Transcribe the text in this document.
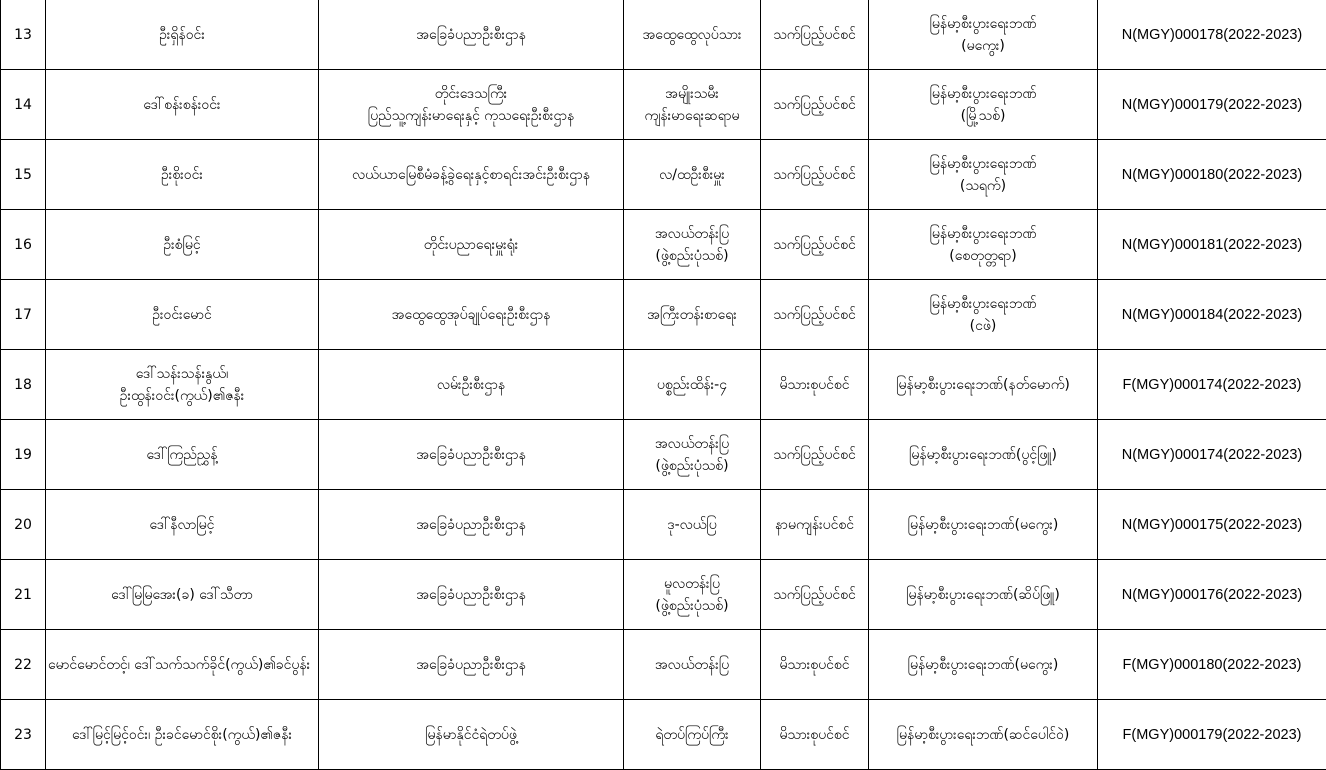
13	ဦးရှိန်ဝင်း	အခြေခံပညာဦးစီးဌာန	အထွေထွေလုပ်သား	သက်ပြည့်ပင်စင်	မြန်မာ့စီးပွားရေးဘဏ်
(မကွေး)	N(MGY)000178(2022-2023)
14	ဒေါ်စန်းစန်းဝင်း	တိုင်းဒေသကြီး
ပြည်သူ့ကျန်းမာရေးနှင့် ကုသရေးဦးစီးဌာန	အမျိုးသမီး
ကျန်းမာရေးဆရာမ	သက်ပြည့်ပင်စင်	မြန်မာ့စီးပွားရေးဘဏ်
(မြို့သစ်)	N(MGY)000179(2022-2023)
15	ဦးစိုးဝင်း	လယ်ယာမြေစီမံခန့်ခွဲရေးနှင့်စာရင်းအင်းဦးစီးဌာန	လ/ထဦးစီးမှူး	သက်ပြည့်ပင်စင်	မြန်မာ့စီးပွားရေးဘဏ်
(သရက်)	N(MGY)000180(2022-2023)
16	ဦးစံမြင့်	တိုင်းပညာရေးမှူးရုံး	အလယ်တန်းပြ
(ဖွဲ့စည်းပုံသစ်)	သက်ပြည့်ပင်စင်	မြန်မာ့စီးပွားရေးဘဏ်
(စေတုတ္တရာ)	N(MGY)000181(2022-2023)
17	ဦးဝင်းမောင်	အထွေထွေအုပ်ချုပ်ရေးဦးစီးဌာန	အကြီးတန်းစာရေး	သက်ပြည့်ပင်စင်	မြန်မာ့စီးပွားရေးဘဏ်
(ငဖဲ)	N(MGY)000184(2022-2023)
18	ဒေါ်သန်းသန်းနွယ်၊
ဦးထွန်းဝင်း(ကွယ်)၏ဇနီး	လမ်းဦးစီးဌာန	ပစ္စည်းထိန်း-၄	မိသားစုပင်စင်	မြန်မာ့စီးပွားရေးဘဏ်(နတ်မောက်)	F(MGY)000174(2022-2023)
19	ဒေါ်ကြည်ညွှန့်	အခြေခံပညာဦးစီးဌာန	အလယ်တန်းပြ
(ဖွဲ့စည်းပုံသစ်)	သက်ပြည့်ပင်စင်	မြန်မာ့စီးပွားရေးဘဏ်(ပွင့်ဖြူ)	N(MGY)000174(2022-2023)
20	ဒေါ်နီလာမြင့်	အခြေခံပညာဦးစီးဌာန	ဒု-လယ်ပြ	နာမကျန်းပင်စင်	မြန်မာ့စီးပွားရေးဘဏ်(မကွေး)	N(MGY)000175(2022-2023)
21	ဒေါ်မြမြအေး(ခ) ဒေါ်သီတာ	အခြေခံပညာဦးစီးဌာန	မူလတန်းပြ
(ဖွဲ့စည်းပုံသစ်)	သက်ပြည့်ပင်စင်	မြန်မာ့စီးပွားရေးဘဏ်(ဆိပ်ဖြူ)	N(MGY)000176(2022-2023)
22	မောင်မောင်တင့်၊ ဒေါ်သက်သက်ခိုင်(ကွယ်)၏ခင်ပွန်း	အခြေခံပညာဦးစီးဌာန	အလယ်တန်းပြ	မိသားစုပင်စင်	မြန်မာ့စီးပွားရေးဘဏ်(မကွေး)	F(MGY)000180(2022-2023)
23	ဒေါ်မြင့်မြင့်ဝင်း၊ ဦးခင်မောင်စိုး(ကွယ်)၏ဇနီး	မြန်မာနိုင်ငံရဲတပ်ဖွဲ့	ရဲတပ်ကြပ်ကြီး	မိသားစုပင်စင်	မြန်မာ့စီးပွားရေးဘဏ်(ဆင်ပေါင်ဝဲ)	F(MGY)000179(2022-2023)
